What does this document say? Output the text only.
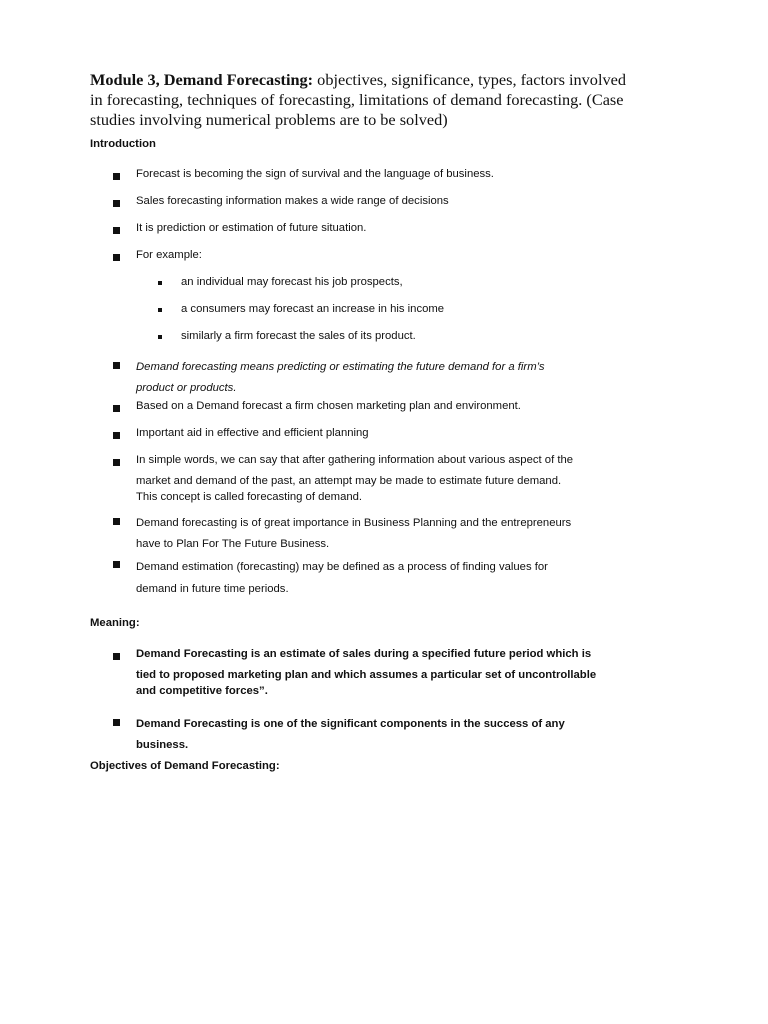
Module 3, Demand Forecasting: objectives, significance, types, factors involved
in forecasting, techniques of forecasting, limitations of demand forecasting. (Case
studies involving numerical problems are to be solved)
Introduction
Forecast is becoming the sign of survival and the language of business.
Sales forecasting information makes a wide range of decisions
It is prediction or estimation of future situation.
For example:
an individual may forecast his job prospects,
a consumers may forecast an increase in his income
similarly a firm forecast the sales of its product.
Demand forecasting means predicting or estimating the future demand for a firm’s
product or products.
Based on a Demand forecast a firm chosen marketing plan and environment.
Important aid in effective and efficient planning
In simple words, we can say that after gathering information about various aspect of the
market and demand of the past, an attempt may be made to estimate future demand.
This concept is called forecasting of demand.
Demand forecasting is of great importance in Business Planning and the entrepreneurs
have to Plan For The Future Business.
Demand estimation (forecasting) may be defined as a process of finding values for
demand in future time periods.
Meaning:
Demand Forecasting is an estimate of sales during a specified future period which is
tied to proposed marketing plan and which assumes a particular set of uncontrollable
and competitive forces”.
Demand Forecasting is one of the significant components in the success of any
business.
Objectives of Demand Forecasting:
